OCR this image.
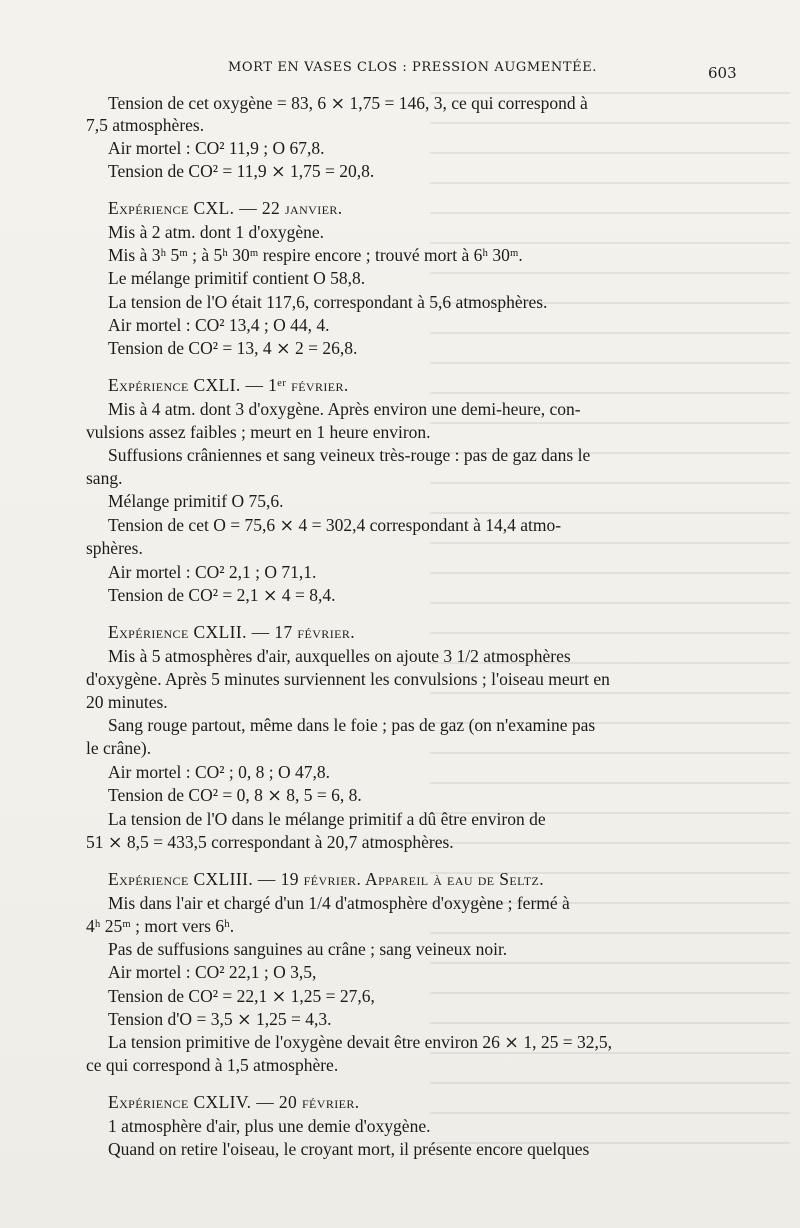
MORT EN VASES CLOS : PRESSION AUGMENTÉE.	603
Tension de cet oxygène = 83, 6 ⨯ 1,75 = 146, 3, ce qui correspond à
7,5 atmosphères.
Air mortel : CO² 11,9 ; O 67,8.
Tension de CO² = 11,9 ⨯ 1,75 = 20,8.
Expérience CXL. — 22 janvier.
Mis à 2 atm. dont 1 d'oxygène.
Mis à 3ʰ 5ᵐ ; à 5ʰ 30ᵐ respire encore ; trouvé mort à 6ʰ 30ᵐ.
Le mélange primitif contient O 58,8.
La tension de l'O était 117,6, correspondant à 5,6 atmosphères.
Air mortel : CO² 13,4 ; O 44, 4.
Tension de CO² = 13, 4 ⨯ 2 = 26,8.
Expérience CXLI. — 1ᵉʳ février.
Mis à 4 atm. dont 3 d'oxygène. Après environ une demi-heure, con-
vulsions assez faibles ; meurt en 1 heure environ.
Suffusions crâniennes et sang veineux très-rouge : pas de gaz dans le
sang.
Mélange primitif O 75,6.
Tension de cet O = 75,6 ⨯ 4 = 302,4 correspondant à 14,4 atmo-
sphères.
Air mortel : CO² 2,1 ; O 71,1.
Tension de CO² = 2,1 ⨯ 4 = 8,4.
Expérience CXLII. — 17 février.
Mis à 5 atmosphères d'air, auxquelles on ajoute 3 1/2 atmosphères
d'oxygène. Après 5 minutes surviennent les convulsions ; l'oiseau meurt en
20 minutes.
Sang rouge partout, même dans le foie ; pas de gaz (on n'examine pas
le crâne).
Air mortel : CO² ; 0, 8 ; O 47,8.
Tension de CO² = 0, 8 ⨯ 8, 5 = 6, 8.
La tension de l'O dans le mélange primitif a dû être environ de
51 ⨯ 8,5 = 433,5 correspondant à 20,7 atmosphères.
Expérience CXLIII. — 19 février. Appareil à eau de Seltz.
Mis dans l'air et chargé d'un 1/4 d'atmosphère d'oxygène ; fermé à
4ʰ 25ᵐ ; mort vers 6ʰ.
Pas de suffusions sanguines au crâne ; sang veineux noir.
Air mortel : CO² 22,1 ; O 3,5,
Tension de CO² = 22,1 ⨯ 1,25 = 27,6,
Tension d'O = 3,5 ⨯ 1,25 = 4,3.
La tension primitive de l'oxygène devait être environ 26 ⨯ 1, 25 = 32,5,
ce qui correspond à 1,5 atmosphère.
Expérience CXLIV. — 20 février.
1 atmosphère d'air, plus une demie d'oxygène.
Quand on retire l'oiseau, le croyant mort, il présente encore quelques
